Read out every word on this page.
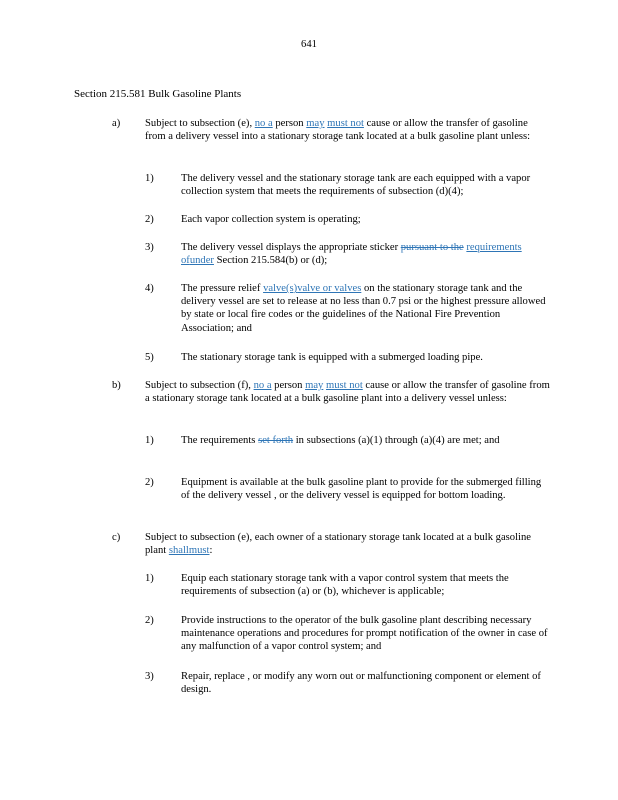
641
Section 215.581 Bulk Gasoline Plants
a) Subject to subsection (e), no a person may must not cause or allow the transfer of gasoline from a delivery vessel into a stationary storage tank located at a bulk gasoline plant unless:

1)	The delivery vessel and the stationary storage tank are each equipped with a vapor collection system that meets the requirements of subsection (d)(4);

2)	Each vapor collection system is operating;

3)	The delivery vessel displays the appropriate sticker pursuant to the requirements ofunder Section 215.584(b) or (d);

4)	The pressure relief valve(s)valve or valves on the stationary storage tank and the delivery vessel are set to release at no less than 0.7 psi or the highest pressure allowed by state or local fire codes or the guidelines of the National Fire Prevention Association; and

5)	The stationary storage tank is equipped with a submerged loading pipe.

b) Subject to subsection (f), no a person may must not cause or allow the transfer of gasoline from a stationary storage tank located at a bulk gasoline plant into a delivery vessel unless:

1)	The requirements set forth in subsections (a)(1) through (a)(4) are met; and

2)	Equipment is available at the bulk gasoline plant to provide for the submerged filling of the delivery vessel , or the delivery vessel is equipped for bottom loading.

c) Subject to subsection (e), each owner of a stationary storage tank located at a bulk gasoline plant shallmust:

1)	Equip each stationary storage tank with a vapor control system that meets the requirements of subsection (a) or (b), whichever is applicable;

2)	Provide instructions to the operator of the bulk gasoline plant describing necessary maintenance operations and procedures for prompt notification of the owner in case of any malfunction of a vapor control system; and

3)	Repair, replace , or modify any worn out or malfunctioning component or element of design.
